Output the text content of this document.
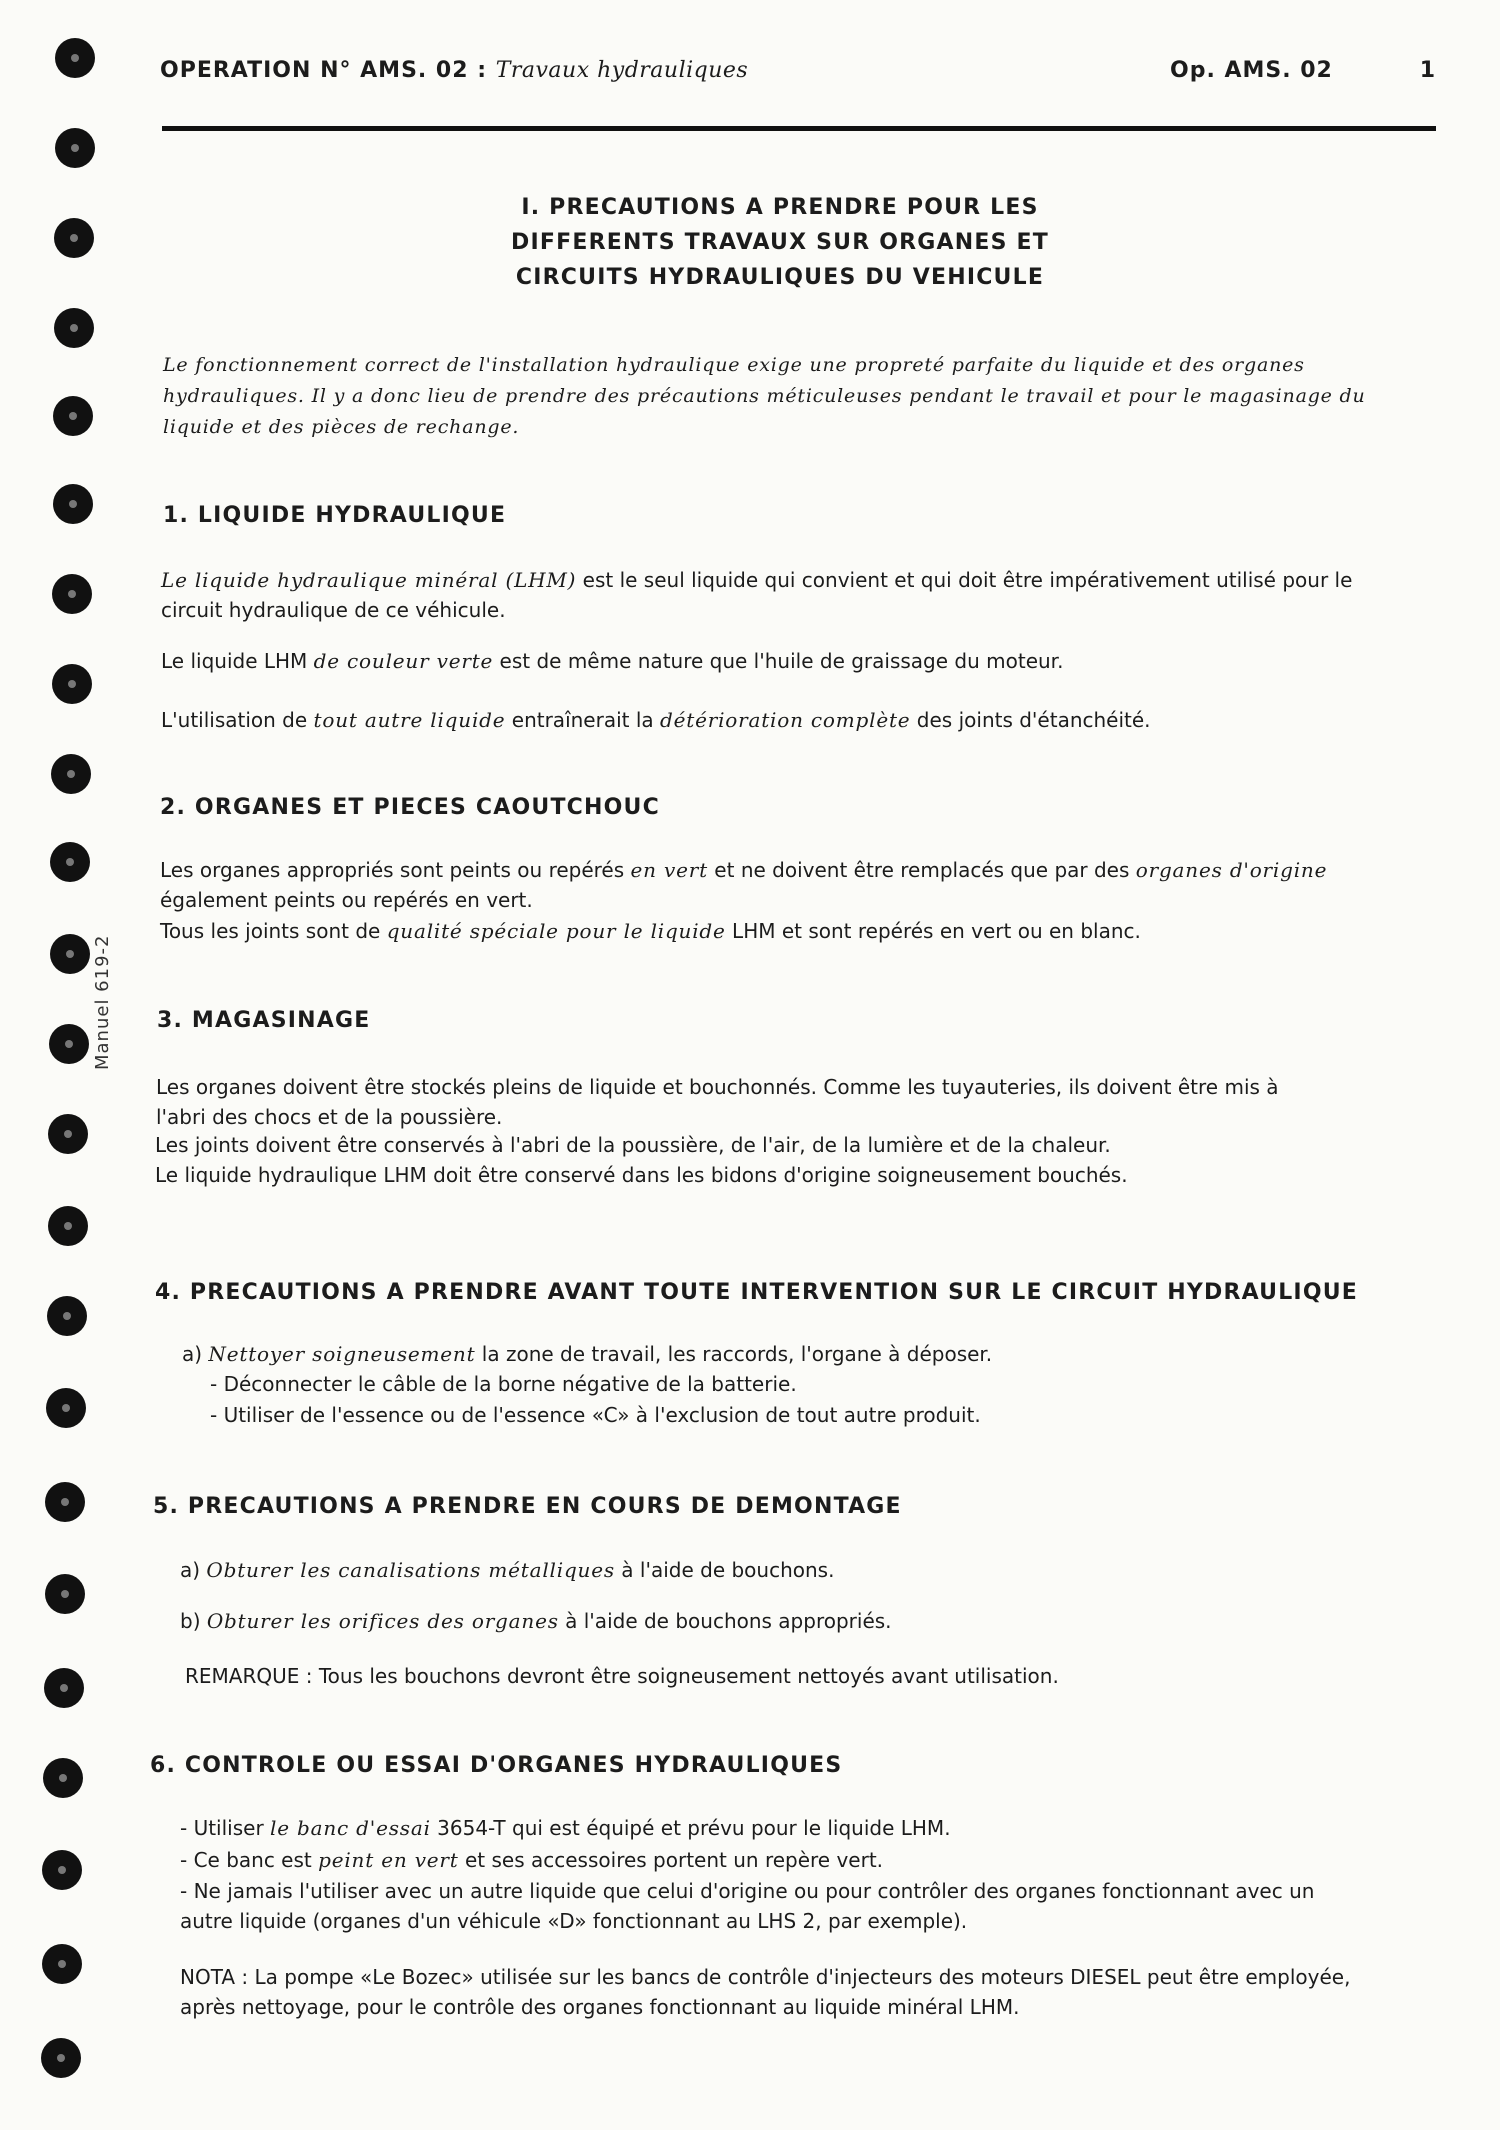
Manuel 619-2
OPERATION N° AMS. 02 : Travaux hydrauliques	Op. AMS. 02	1
I. PRECAUTIONS A PRENDRE POUR LES
DIFFERENTS TRAVAUX SUR ORGANES ET
CIRCUITS HYDRAULIQUES DU VEHICULE

Le fonctionnement correct de l'installation hydraulique exige une propreté parfaite du liquide et des organes hydrauliques. Il y a donc lieu de prendre des précautions méticuleuses pendant le travail et pour le magasinage du liquide et des pièces de rechange.

1. LIQUIDE HYDRAULIQUE

Le liquide hydraulique minéral (LHM) est le seul liquide qui convient et qui doit être impérativement utilisé pour le circuit hydraulique de ce véhicule.

Le liquide LHM de couleur verte est de même nature que l'huile de graissage du moteur.

L'utilisation de tout autre liquide entraînerait la détérioration complète des joints d'étanchéité.

2. ORGANES ET PIECES CAOUTCHOUC

Les organes appropriés sont peints ou repérés en vert et ne doivent être remplacés que par des organes d'origine également peints ou repérés en vert.

Tous les joints sont de qualité spéciale pour le liquide LHM et sont repérés en vert ou en blanc.

3. MAGASINAGE

Les organes doivent être stockés pleins de liquide et bouchonnés. Comme les tuyauteries, ils doivent être mis à l'abri des chocs et de la poussière.

Les joints doivent être conservés à l'abri de la poussière, de l'air, de la lumière et de la chaleur.

Le liquide hydraulique LHM doit être conservé dans les bidons d'origine soigneusement bouchés.

4. PRECAUTIONS A PRENDRE AVANT TOUTE INTERVENTION SUR LE CIRCUIT HYDRAULIQUE

a) Nettoyer soigneusement la zone de travail, les raccords, l'organe à déposer.

- Déconnecter le câble de la borne négative de la batterie.

- Utiliser de l'essence ou de l'essence «C» à l'exclusion de tout autre produit.

5. PRECAUTIONS A PRENDRE EN COURS DE DEMONTAGE

a) Obturer les canalisations métalliques à l'aide de bouchons.

b) Obturer les orifices des organes à l'aide de bouchons appropriés.

REMARQUE : Tous les bouchons devront être soigneusement nettoyés avant utilisation.

6. CONTROLE OU ESSAI D'ORGANES HYDRAULIQUES

- Utiliser le banc d'essai 3654-T qui est équipé et prévu pour le liquide LHM.

- Ce banc est peint en vert et ses accessoires portent un repère vert.

- Ne jamais l'utiliser avec un autre liquide que celui d'origine ou pour contrôler des organes fonctionnant avec un autre liquide (organes d'un véhicule «D» fonctionnant au LHS 2, par exemple).

NOTA : La pompe «Le Bozec» utilisée sur les bancs de contrôle d'injecteurs des moteurs DIESEL peut être employée, après nettoyage, pour le contrôle des organes fonctionnant au liquide minéral LHM.
